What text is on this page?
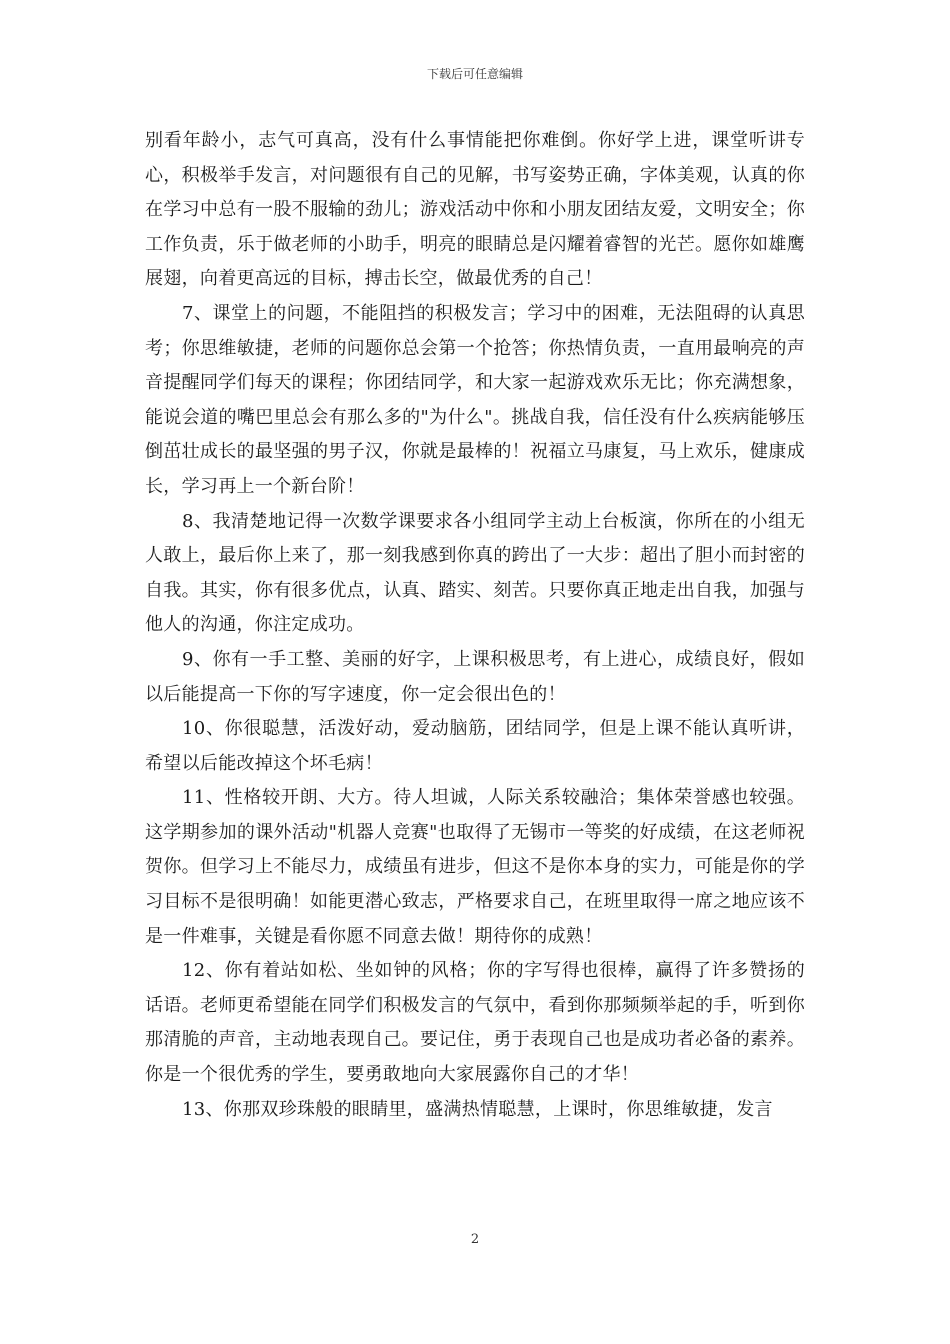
下载后可任意编辑

别看年龄小，志气可真高，没有什么事情能把你难倒。你好学上进，课堂听讲专心，积极举手发言，对问题很有自己的见解，书写姿势正确，字体美观，认真的你在学习中总有一股不服输的劲儿；游戏活动中你和小朋友团结友爱，文明安全；你工作负责，乐于做老师的小助手，明亮的眼睛总是闪耀着睿智的光芒。愿你如雄鹰展翅，向着更高远的目标，搏击长空，做最优秀的自己！

7、课堂上的问题，不能阻挡的积极发言；学习中的困难，无法阻碍的认真思考；你思维敏捷，老师的问题你总会第一个抢答；你热情负责，一直用最响亮的声音提醒同学们每天的课程；你团结同学，和大家一起游戏欢乐无比；你充满想象，能说会道的嘴巴里总会有那么多的"为什么"。挑战自我，信任没有什么疾病能够压倒茁壮成长的最坚强的男子汉，你就是最棒的！祝福立马康复，马上欢乐，健康成长，学习再上一个新台阶！

8、我清楚地记得一次数学课要求各小组同学主动上台板演，你所在的小组无人敢上，最后你上来了，那一刻我感到你真的跨出了一大步：超出了胆小而封密的自我。其实，你有很多优点，认真、踏实、刻苦。只要你真正地走出自我，加强与他人的沟通，你注定成功。

9、你有一手工整、美丽的好字，上课积极思考，有上进心，成绩良好，假如以后能提高一下你的写字速度，你一定会很出色的！

10、你很聪慧，活泼好动，爱动脑筋，团结同学，但是上课不能认真听讲，希望以后能改掉这个坏毛病！

11、性格较开朗、大方。待人坦诚，人际关系较融洽；集体荣誉感也较强。这学期参加的课外活动"机器人竞赛"也取得了无锡市一等奖的好成绩，在这老师祝贺你。但学习上不能尽力，成绩虽有进步，但这不是你本身的实力，可能是你的学习目标不是很明确！如能更潜心致志，严格要求自己，在班里取得一席之地应该不是一件难事，关键是看你愿不同意去做！期待你的成熟！

12、你有着站如松、坐如钟的风格；你的字写得也很棒，赢得了许多赞扬的话语。老师更希望能在同学们积极发言的气氛中，看到你那频频举起的手，听到你那清脆的声音，主动地表现自己。要记住，勇于表现自己也是成功者必备的素养。你是一个很优秀的学生，要勇敢地向大家展露你自己的才华！

13、你那双珍珠般的眼睛里，盛满热情聪慧，上课时，你思维敏捷，发言

2
